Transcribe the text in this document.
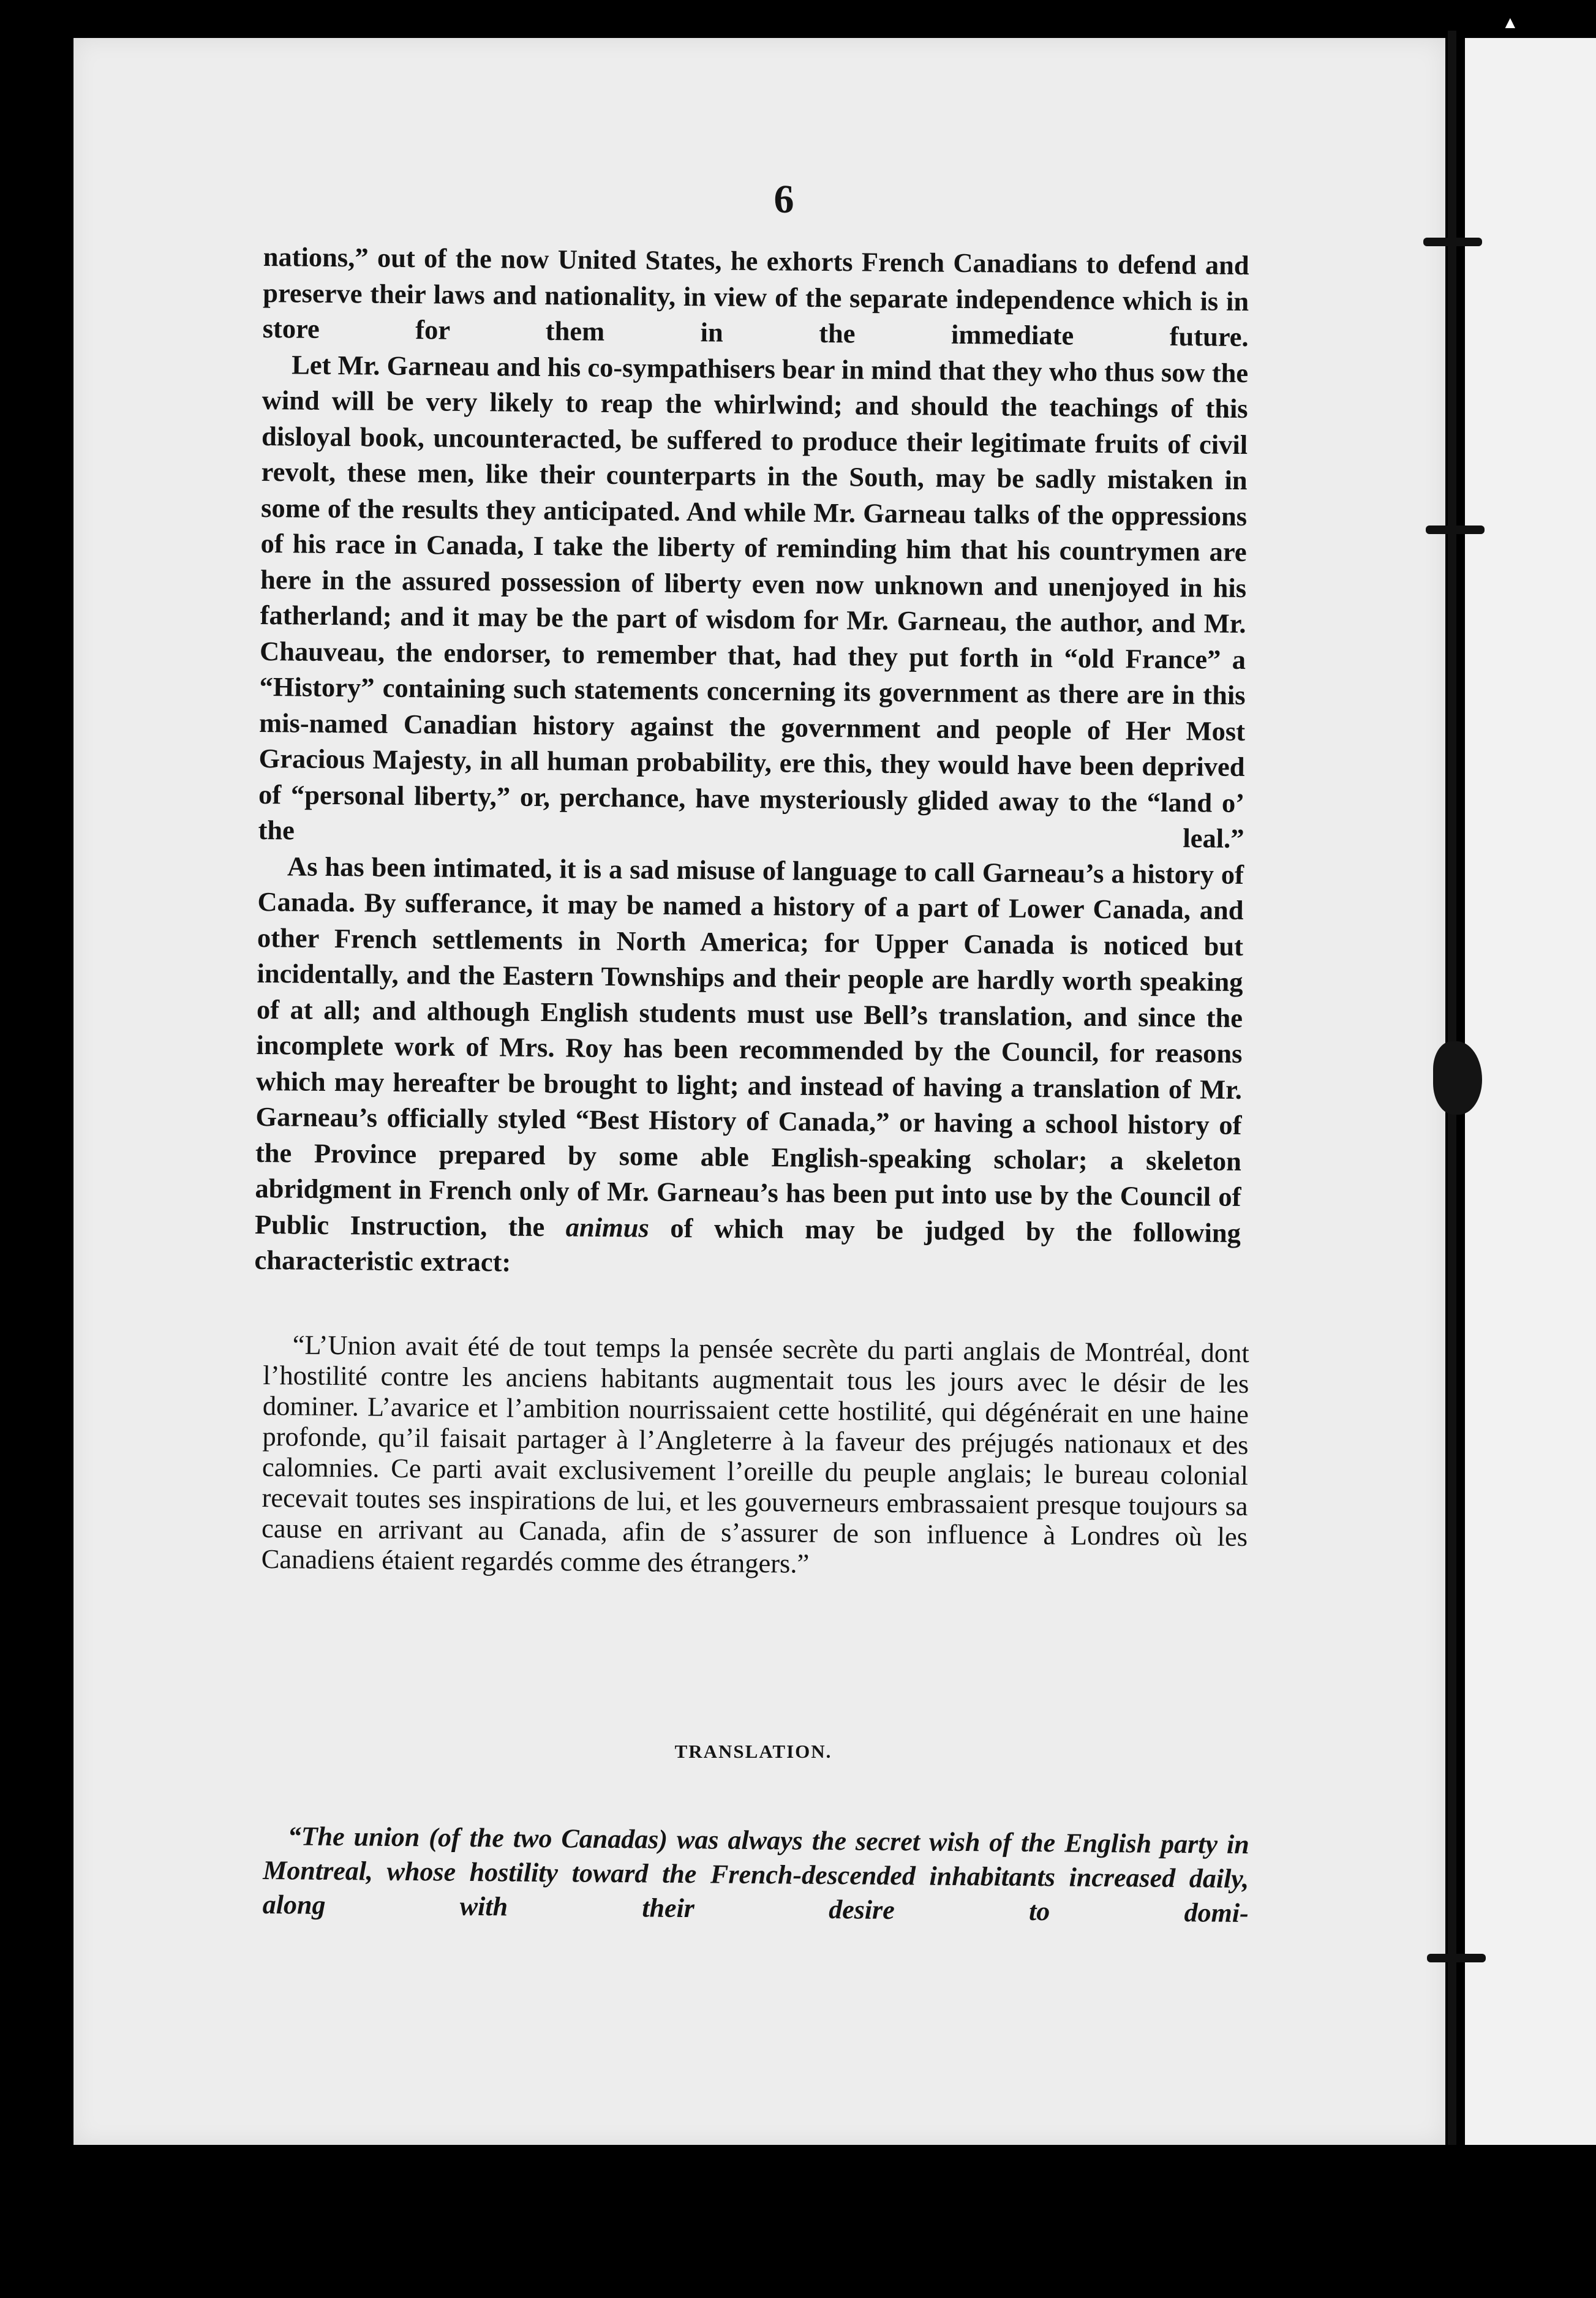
▲
6

nations,” out of the now United States, he exhorts French Canadians to defend and preserve their laws and nationality, in view of the separate independence which is in store for them in the immediate future.

Let Mr. Garneau and his co-sympathisers bear in mind that they who thus sow the wind will be very likely to reap the whirlwind; and should the teachings of this disloyal book, uncounteracted, be suffered to produce their legitimate fruits of civil revolt, these men, like their counterparts in the South, may be sadly mistaken in some of the results they anticipated. And while Mr. Garneau talks of the oppressions of his race in Canada, I take the liberty of reminding him that his countrymen are here in the assured possession of liberty even now unknown and unenjoyed in his fatherland; and it may be the part of wisdom for Mr. Garneau, the author, and Mr. Chauveau, the endorser, to remember that, had they put forth in “old France” a “History” containing such statements concerning its government as there are in this mis-named Canadian history against the government and people of Her Most Gracious Majesty, in all human probability, ere this, they would have been deprived of “personal liberty,” or, perchance, have mysteriously glided away to the “land o’ the leal.”

As has been intimated, it is a sad misuse of language to call Garneau’s a history of Canada. By sufferance, it may be named a history of a part of Lower Canada, and other French settlements in North America; for Upper Canada is noticed but incidentally, and the Eastern Townships and their people are hardly worth speaking of at all; and although English students must use Bell’s translation, and since the incomplete work of Mrs. Roy has been recommended by the Council, for reasons which may hereafter be brought to light; and instead of having a translation of Mr. Garneau’s officially styled “Best History of Canada,” or having a school history of the Province prepared by some able English-speaking scholar; a skeleton abridgment in French only of Mr. Garneau’s has been put into use by the Council of Public Instruction, the animus of which may be judged by the following characteristic extract:

“L’Union avait été de tout temps la pensée secrète du parti anglais de Montréal, dont l’hostilité contre les anciens habitants augmentait tous les jours avec le désir de les dominer. L’avarice et l’ambition nourrissaient cette hostilité, qui dégénérait en une haine profonde, qu’il faisait partager à l’Angleterre à la faveur des préjugés nationaux et des calomnies. Ce parti avait exclusivement l’oreille du peuple anglais; le bureau colonial recevait toutes ses inspirations de lui, et les gouverneurs embrassaient presque toujours sa cause en arrivant au Canada, afin de s’assurer de son influence à Londres où les Canadiens étaient regardés comme des étrangers.”

TRANSLATION.

“The union (of the two Canadas) was always the secret wish of the English party in Montreal, whose hostility toward the French-descended inhabitants increased daily, along with their desire to domi-
